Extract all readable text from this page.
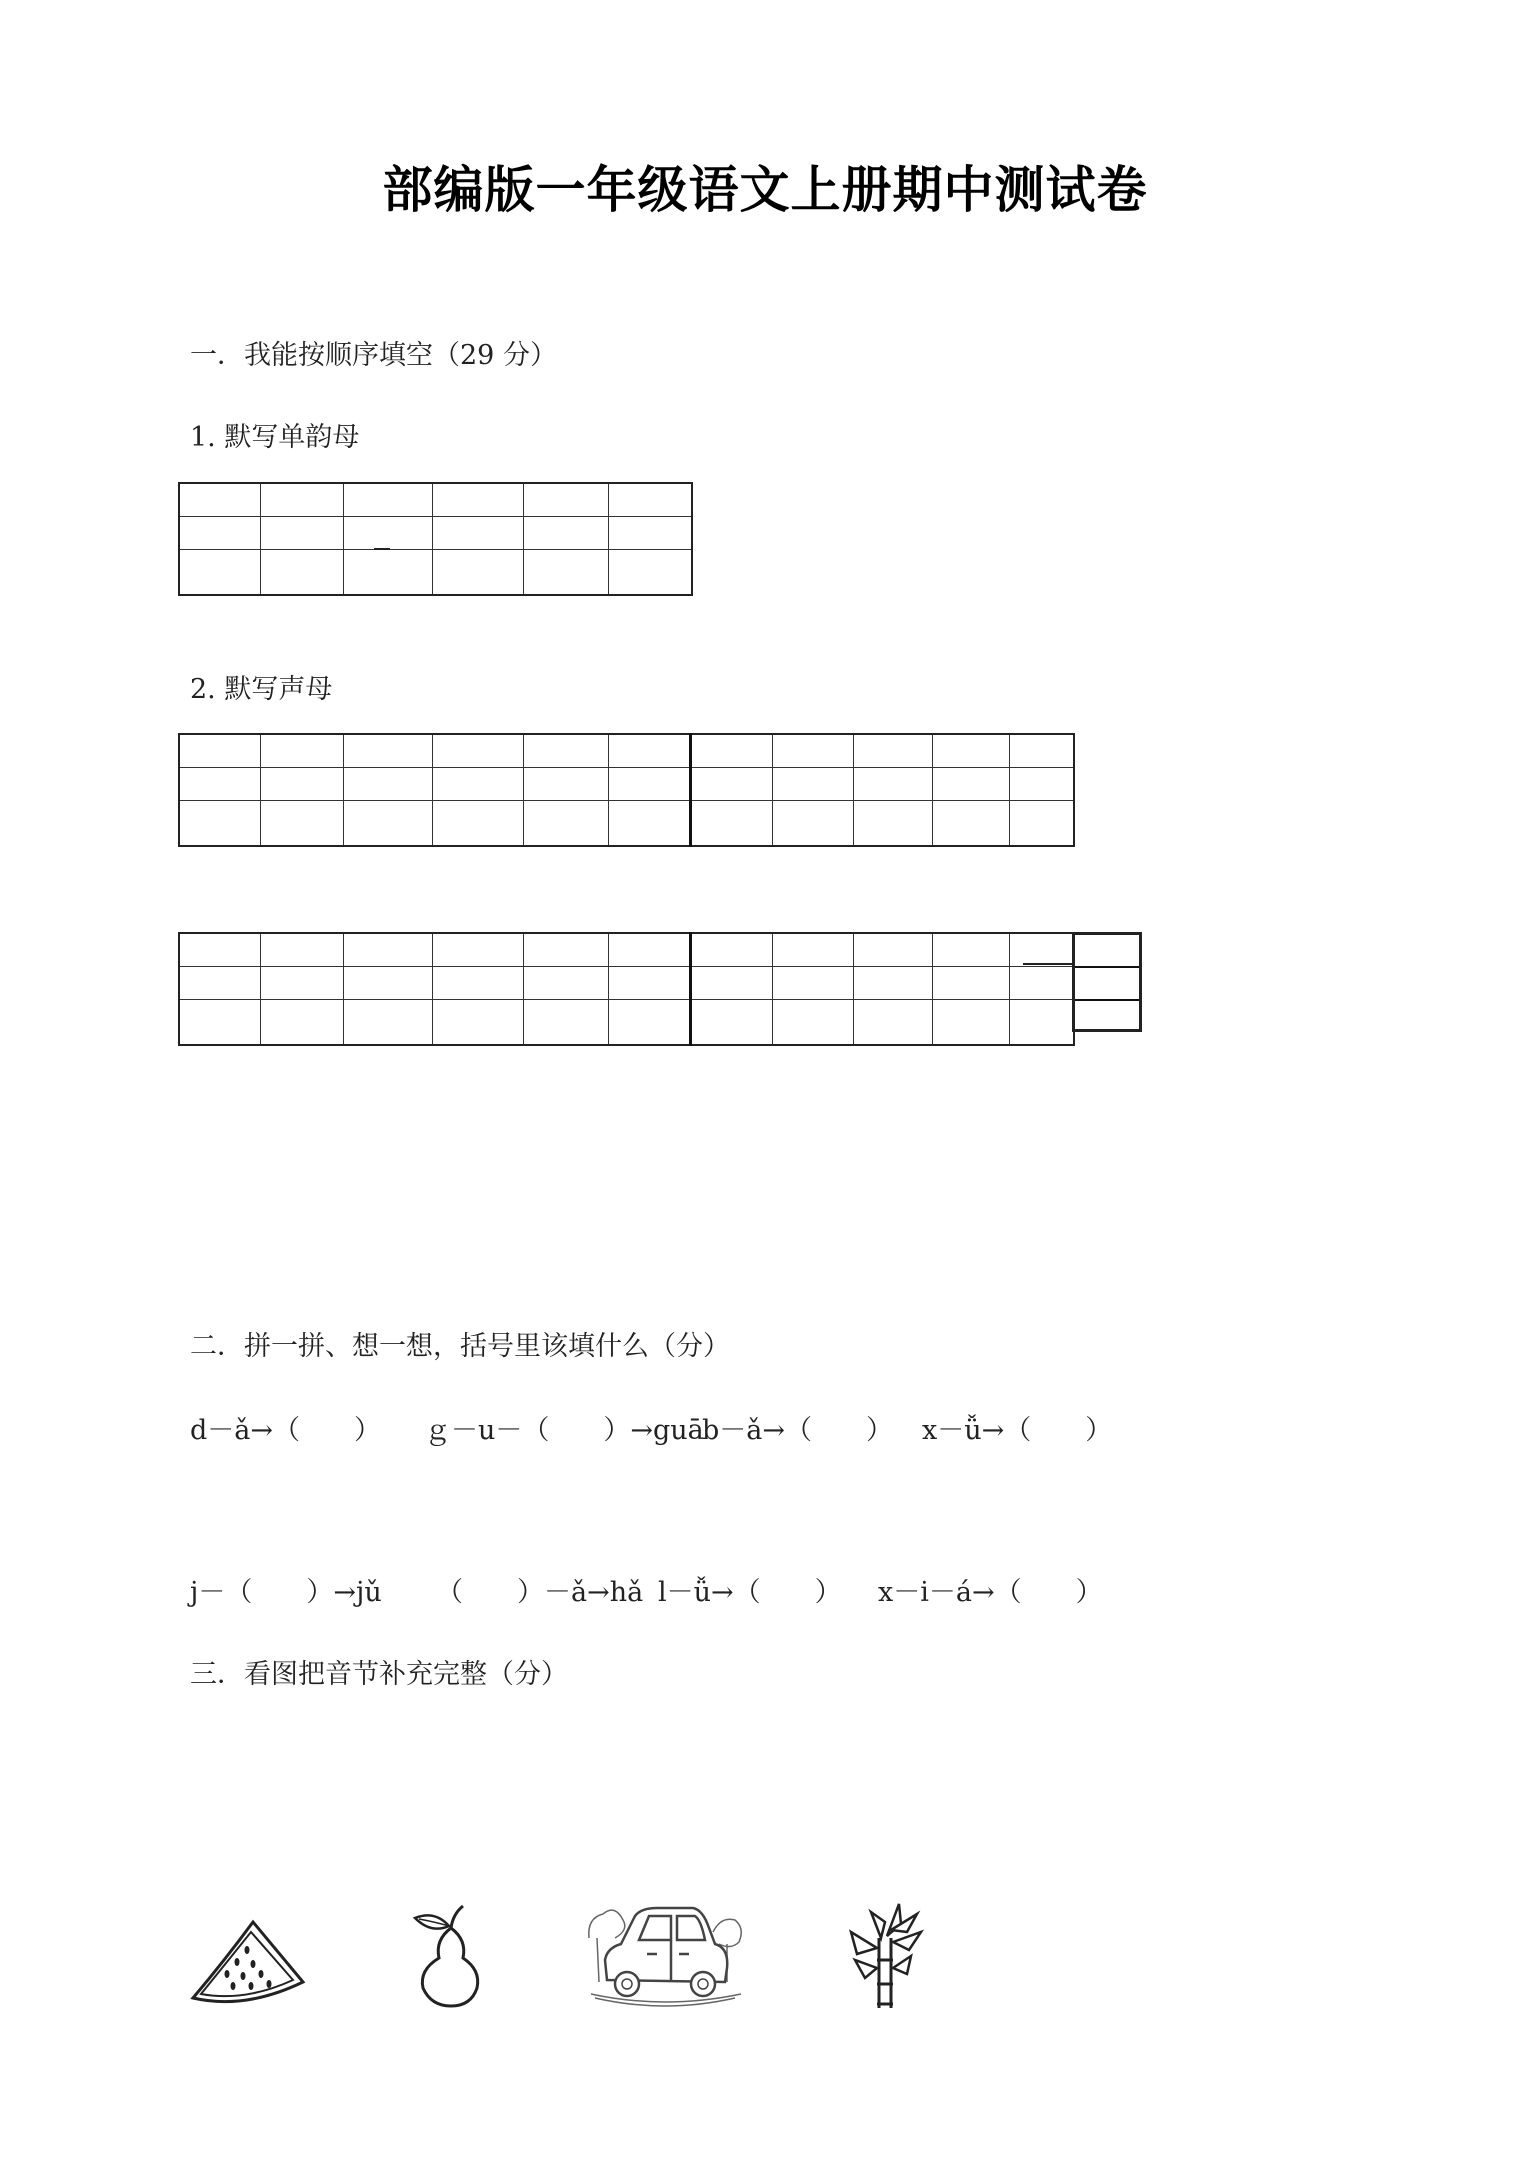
部编版一年级语文上册期中测试卷
一．我能按顺序填空（29 分）
1. 默写单韵母

2. 默写声母

二．拼一拼、想一想，括号里该填什么（分）
d－ǎ→（　　） ｇ－u－（　　）→guā
b－ǎ→（　　） x－ǚ→（　　）
j－（　　）→jǔ （　　）－ǎ→hǎ l－ǚ→（　　） x－i－á→（　　）
三．看图把音节补充完整（分）
